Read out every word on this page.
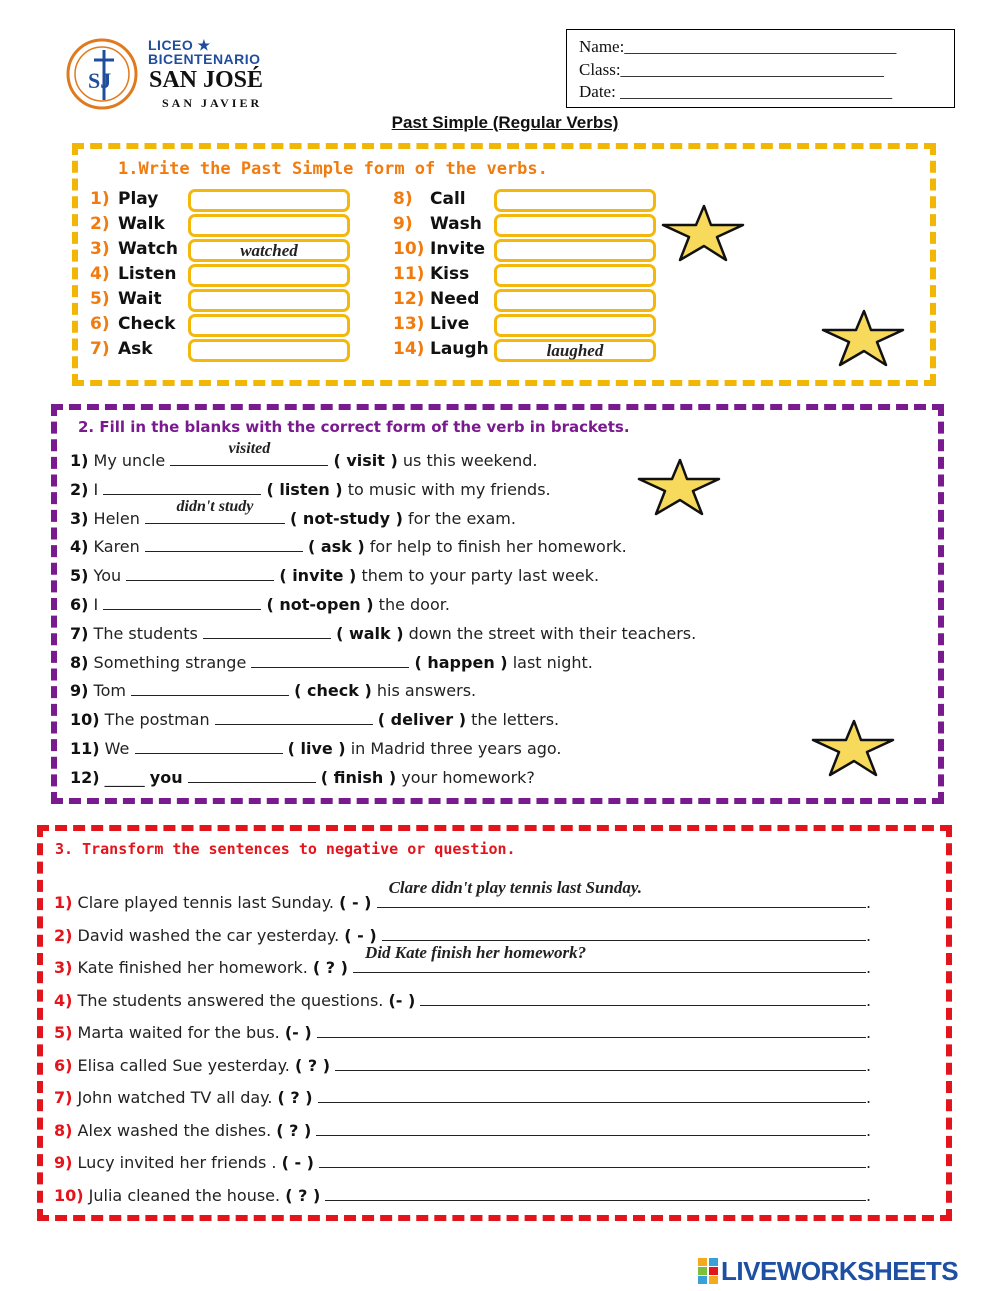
SJ
LICEO ★
BICENTENARIO
SAN JOSÉ
SAN JAVIER
Name:________________________________
Class:_______________________________
Date: ________________________________
Past Simple (Regular Verbs)
1.Write the Past Simple form of the verbs.
1) Play
2) Walk
3) Watch	watched
4) Listen
5) Wait
6) Check
7) Ask
8) Call
9) Wash
10) Invite
11) Kiss
12) Need
13) Live
14) Laugh	laughed
2. Fill in the blanks with the correct form of the verb in brackets.
1) My uncle
visited
( visit ) us this weekend.
2) I	( listen ) to music with my friends.
3) Helen
didn't study
( not-study ) for the exam.
4) Karen	( ask ) for help to finish her homework.
5) You	( invite ) them to your party last week.
6) I	( not-open ) the door.
7) The students	( walk ) down the street with their teachers.
8) Something strange	( happen ) last night.
9) Tom	( check ) his answers.
10) The postman	( deliver ) the letters.
11) We	( live ) in Madrid three years ago.
12) _____ you	( finish ) your homework?
3. Transform the sentences to negative or question.
1) Clare played tennis last Sunday. ( - )	.
Clare didn't play tennis last Sunday.
2) David washed the car yesterday. ( - )	.
3) Kate finished her homework. ( ? )	.
Did Kate finish her homework?
4) The students answered the questions. (- )	.
5) Marta waited for the bus. (- )	.
6) Elisa called Sue yesterday. ( ? )	.
7) John watched TV all day. ( ? )	.
8) Alex washed the dishes. ( ? )	.
9) Lucy invited her friends . ( - )	.
10) Julia cleaned the house. ( ? )	.
LIVEWORKSHEETS
